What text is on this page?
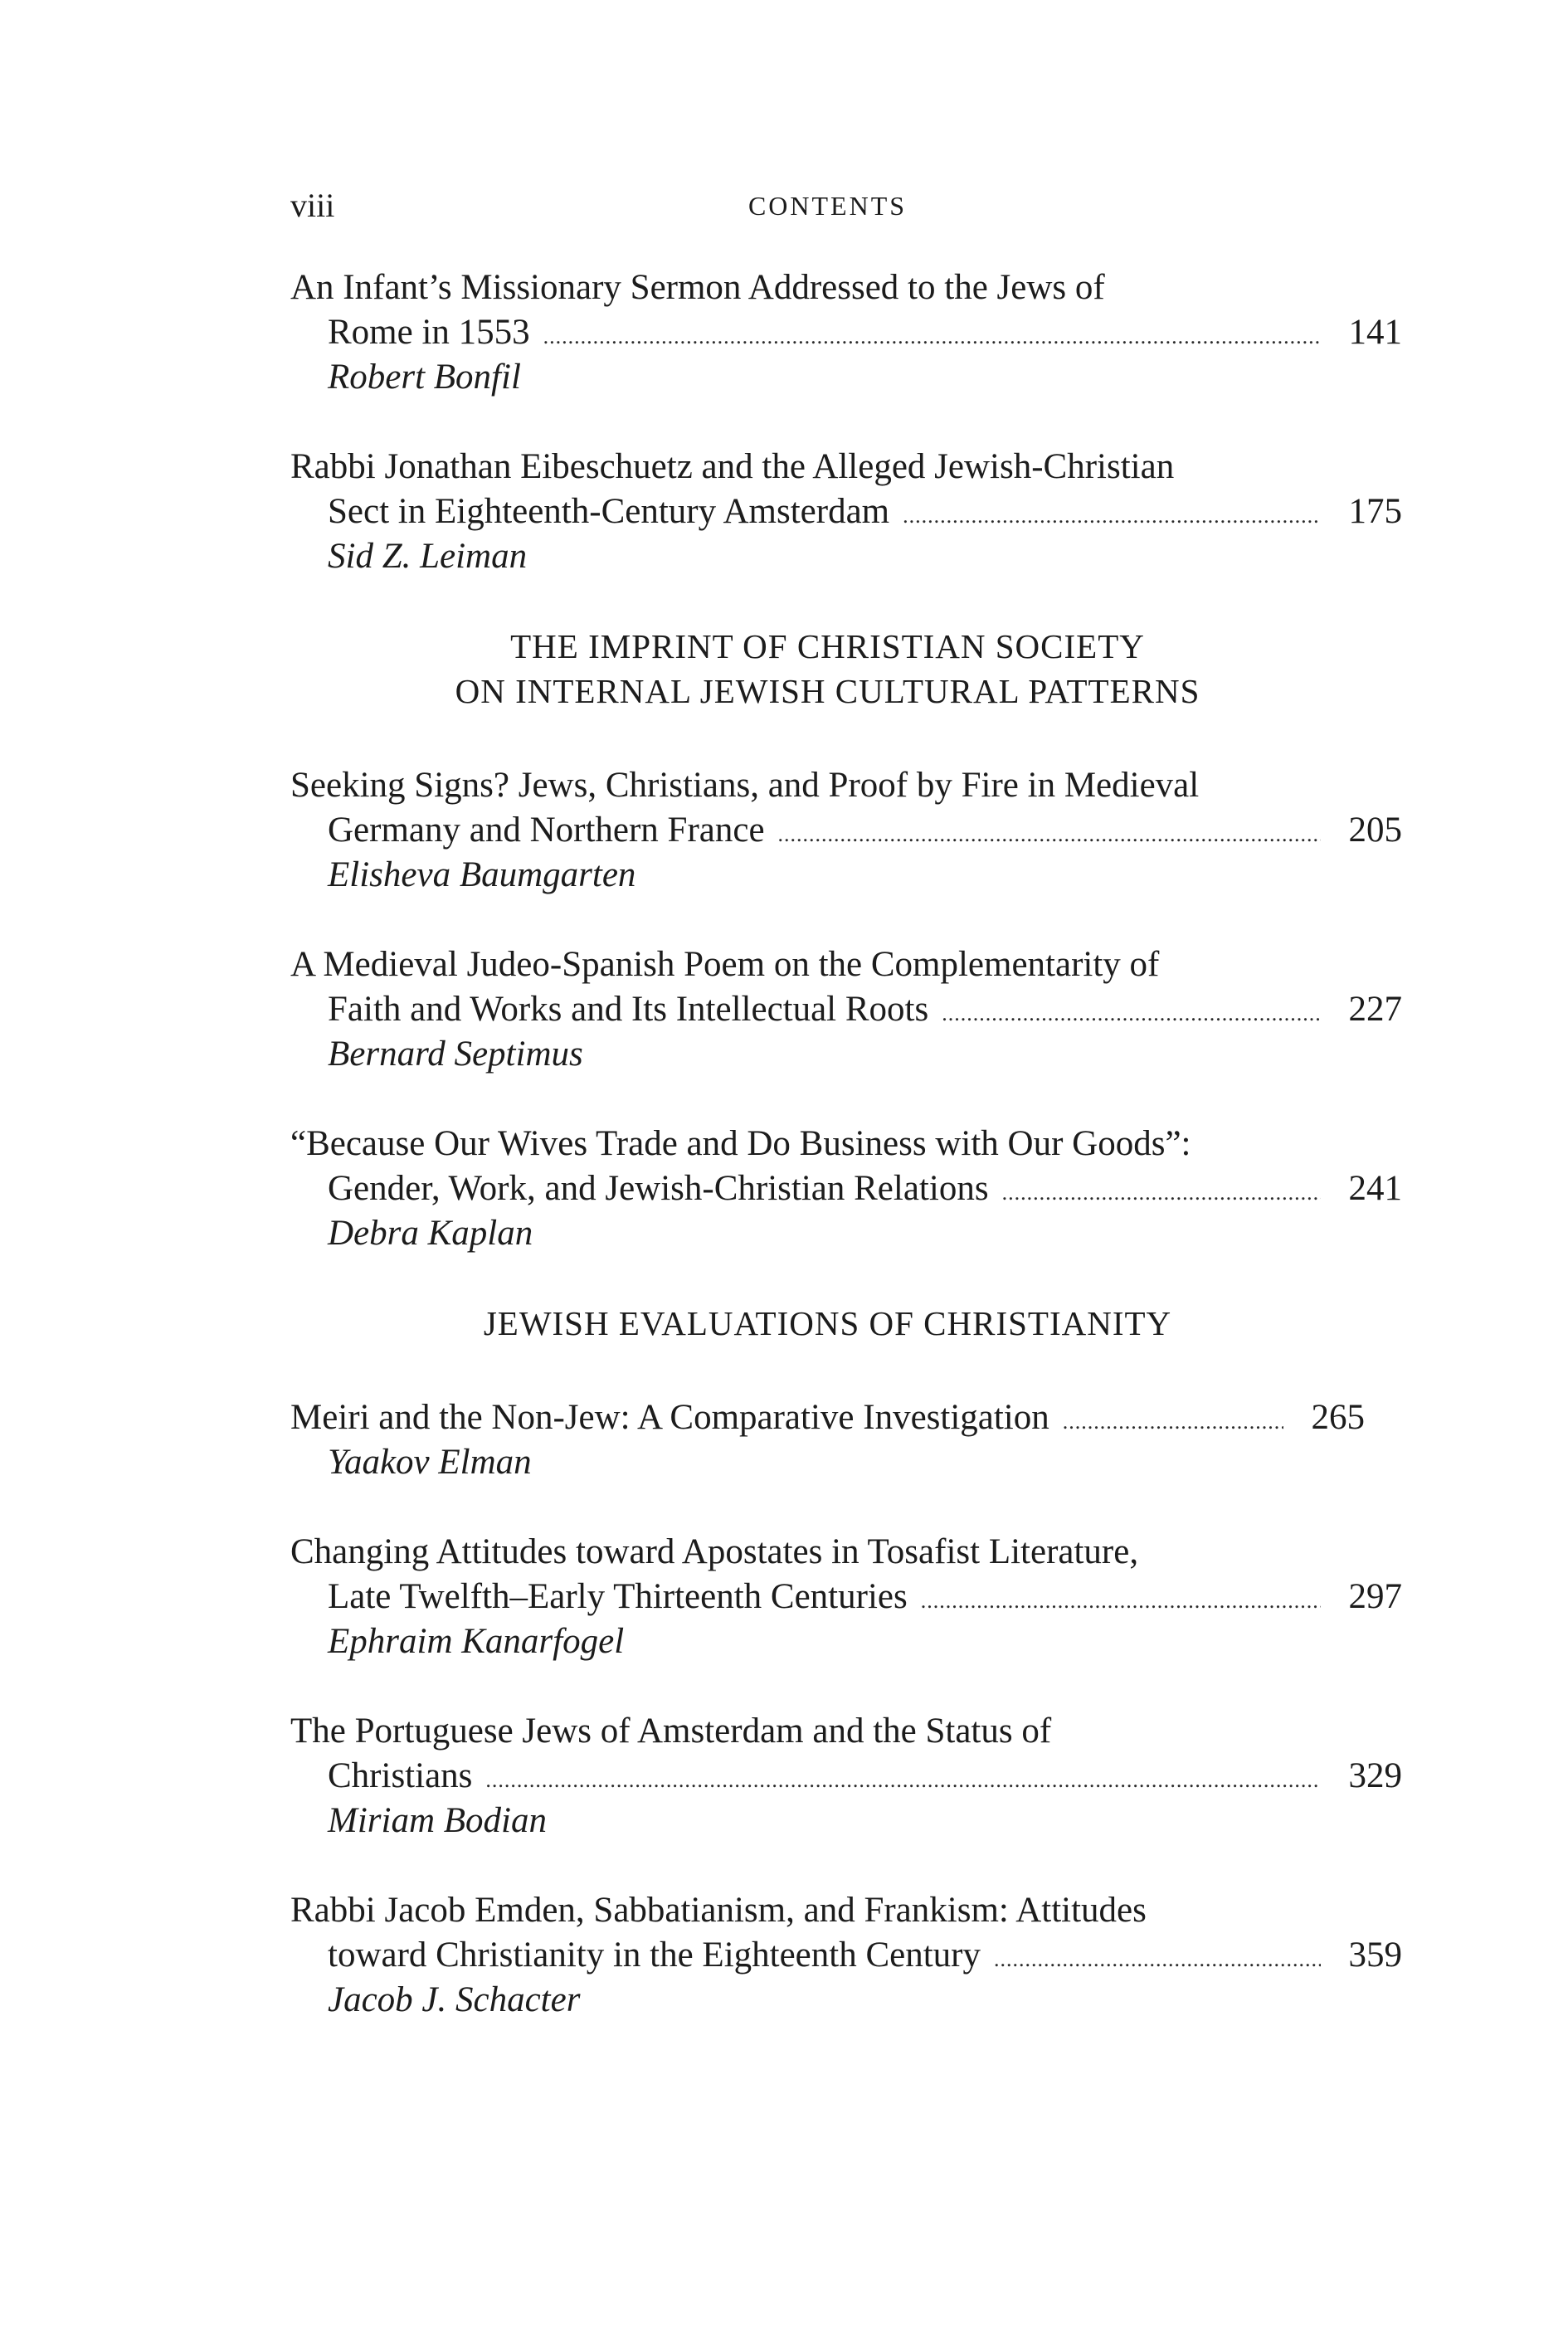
viii	CONTENTS
An Infant’s Missionary Sermon Addressed to the Jews of
Rome in 1553 .....	141
Robert Bonfil
Rabbi Jonathan Eibeschuetz and the Alleged Jewish-Christian
Sect in Eighteenth-Century Amsterdam .....	175
Sid Z. Leiman
THE IMPRINT OF CHRISTIAN SOCIETY
ON INTERNAL JEWISH CULTURAL PATTERNS
Seeking Signs? Jews, Christians, and Proof by Fire in Medieval
Germany and Northern France .....	205
Elisheva Baumgarten
A Medieval Judeo-Spanish Poem on the Complementarity of
Faith and Works and Its Intellectual Roots .....	227
Bernard Septimus
“Because Our Wives Trade and Do Business with Our Goods”:
Gender, Work, and Jewish-Christian Relations .....	241
Debra Kaplan
JEWISH EVALUATIONS OF CHRISTIANITY
Meiri and the Non-Jew: A Comparative Investigation .....	265
Yaakov Elman
Changing Attitudes toward Apostates in Tosafist Literature,
Late Twelfth–Early Thirteenth Centuries .....	297
Ephraim Kanarfogel
The Portuguese Jews of Amsterdam and the Status of
Christians .....	329
Miriam Bodian
Rabbi Jacob Emden, Sabbatianism, and Frankism: Attitudes
toward Christianity in the Eighteenth Century .....	359
Jacob J. Schacter
